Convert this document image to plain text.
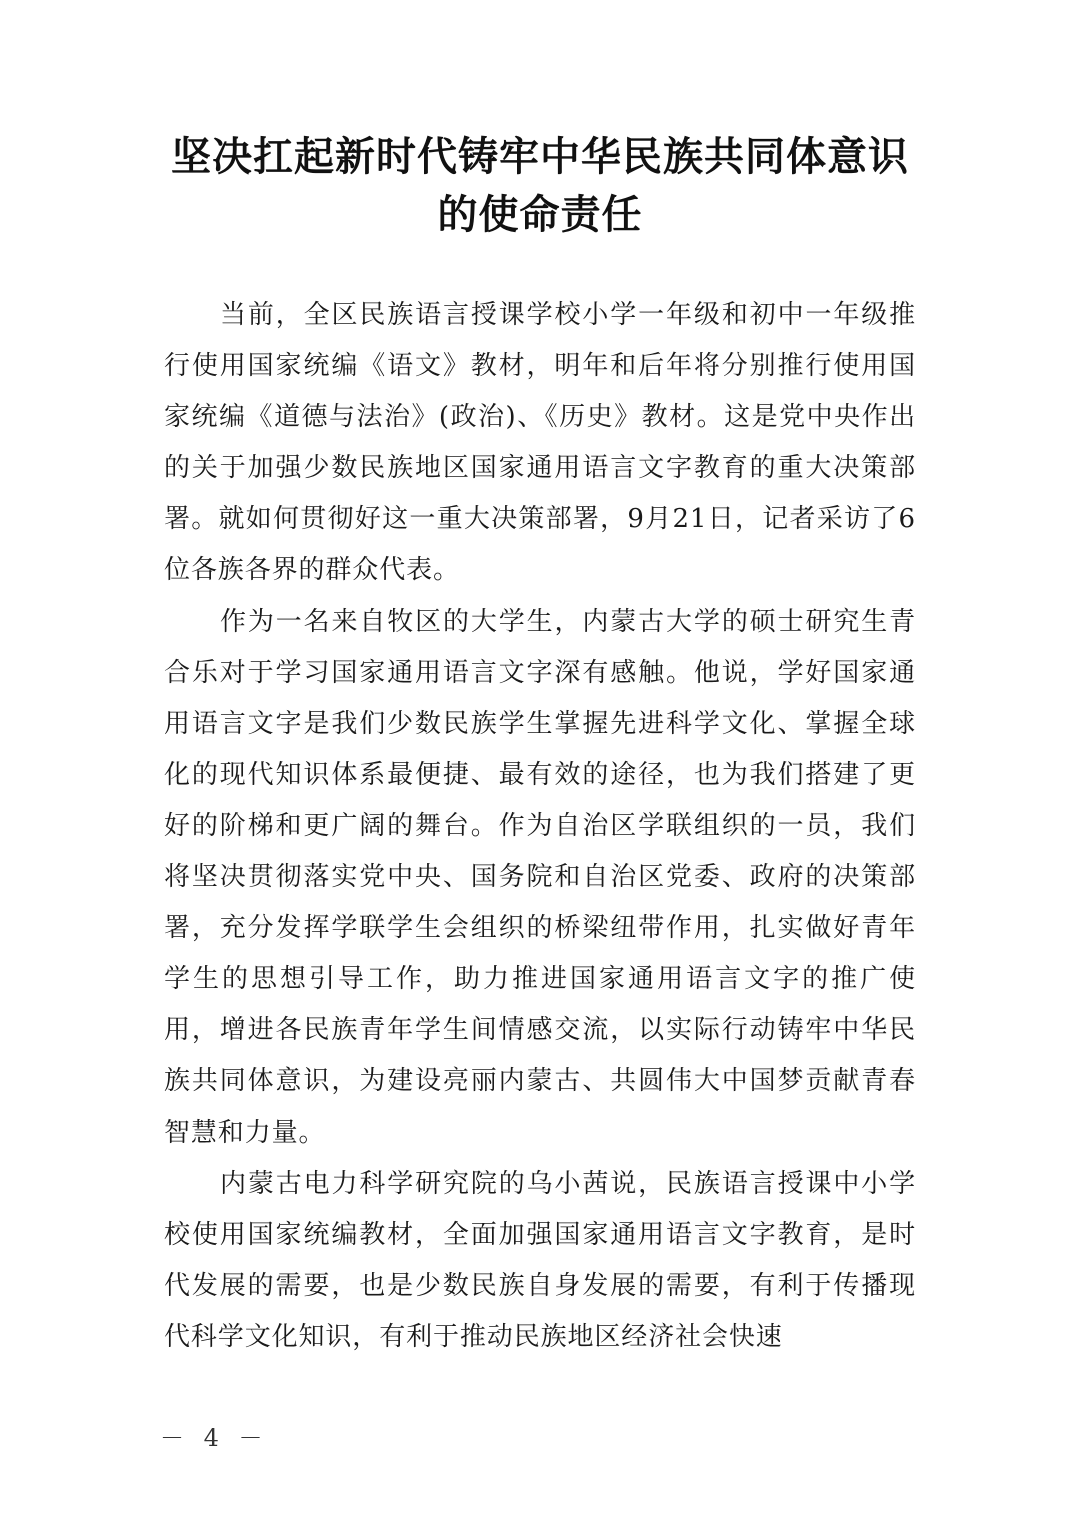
坚决扛起新时代铸牢中华民族共同体意识
的使命责任

当前，全区民族语言授课学校小学一年级和初中一年级推行使用国家统编《语文》教材，明年和后年将分别推行使用国家统编《道德与法治》(政治)、《历史》教材。这是党中央作出的关于加强少数民族地区国家通用语言文字教育的重大决策部署。就如何贯彻好这一重大决策部署，9月21日，记者采访了6位各族各界的群众代表。

作为一名来自牧区的大学生，内蒙古大学的硕士研究生青合乐对于学习国家通用语言文字深有感触。他说，学好国家通用语言文字是我们少数民族学生掌握先进科学文化、掌握全球化的现代知识体系最便捷、最有效的途径，也为我们搭建了更好的阶梯和更广阔的舞台。作为自治区学联组织的一员，我们将坚决贯彻落实党中央、国务院和自治区党委、政府的决策部署，充分发挥学联学生会组织的桥梁纽带作用，扎实做好青年学生的思想引导工作，助力推进国家通用语言文字的推广使用，增进各民族青年学生间情感交流，以实际行动铸牢中华民族共同体意识，为建设亮丽内蒙古、共圆伟大中国梦贡献青春智慧和力量。

内蒙古电力科学研究院的乌小茜说，民族语言授课中小学校使用国家统编教材，全面加强国家通用语言文字教育，是时代发展的需要，也是少数民族自身发展的需要，有利于传播现代科学文化知识，有利于推动民族地区经济社会快速

－ 4 －
